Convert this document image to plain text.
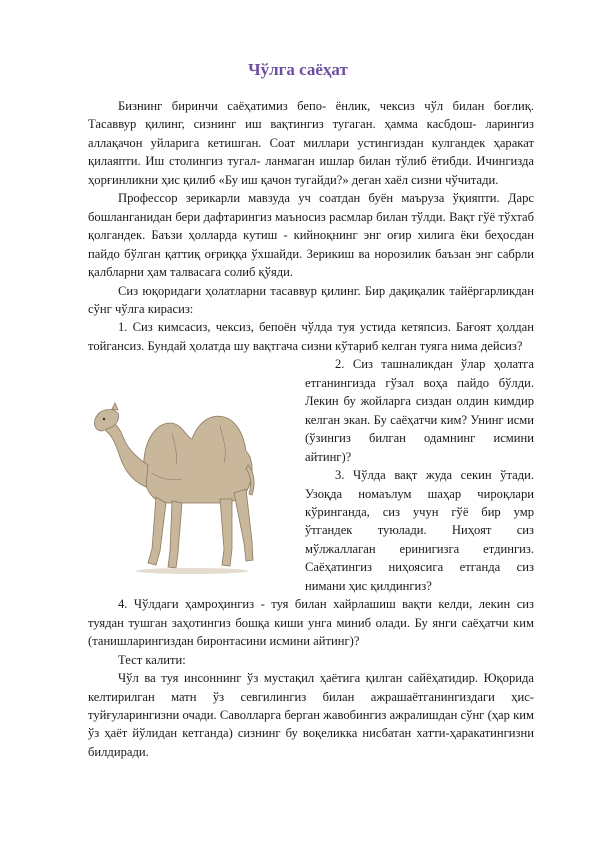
Чўлга саёҳат

Бизнинг биринчи саёҳатимиз бепо- ёнлик, чексиз чўл билан боғлиқ. Тасаввур қилинг, сизнинг иш вақтингиз тугаган. ҳамма касбдош- ларингиз аллақачон уйларига кетишган. Соат миллари устингиздан кулгандек ҳаракат қилаяпти. Иш столингиз тугал- ланмаган ишлар билан тўлиб ётибди. Ичингизда ҳорғинликни ҳис қилиб «Бу иш қачон тугайди?» деган хаёл сизни чўчитади.

Профессор зерикарли мавзуда уч соатдан буён маъруза ўқияпти. Дарс бошланганидан бери дафтарингиз маъносиз расмлар билан тўлди. Вақт гўё тўхтаб қолгандек. Баъзи ҳолларда кутиш - кийноқнинг энг оғир хилига ёки беҳосдан пайдо бўлган қаттиқ оғриққа ўхшайди. Зерикиш ва норозилик баъзан энг сабрли қалбларни ҳам талвасага солиб қўяди.

Сиз юқоридаги ҳолатларни тасаввур қилинг. Бир дақиқалик тайёргарликдан сўнг чўлга кирасиз:

1. Сиз кимсасиз, чексиз, бепоён чўлда туя устида кетяпсиз. Бағоят ҳолдан тойгансиз. Бундай ҳолатда шу вақтгача сизни кўтариб келган туяга нима дейсиз?

2. Сиз ташналикдан ўлар ҳолатга етганингизда гўзал воҳа пайдо бўлди. Лекин бу жойларга сиздан олдин кимдир келган экан. Бу саёҳатчи ким? Унинг исми (ўзингиз билган одамнинг исмини айтинг)?

3. Чўлда вақт жуда секин ўтади. Узоқда номаълум шаҳар чироқлари кўринганда, сиз учун гўё бир умр ўтгандек туюлади. Ниҳоят сиз мўлжаллаган еринигизга етдингиз. Саёҳатингиз ниҳоясига етганда сиз нимани ҳис қилдингиз?

4. Чўлдаги ҳамроҳингиз - туя билан хайрлашиш вақти келди, лекин сиз туядан тушган заҳотингиз бошқа киши унга миниб олади. Бу янги саёҳатчи ким (танишларингиздан биронтасини исмини айтинг)?

Тест калити:

Чўл ва туя инсоннинг ўз мустақил ҳаётига қилган сайёҳатидир. Юқорида келтирилган матн ўз севгилингиз билан ажрашаётганингиздаги ҳис- туйғуларингизни очади. Саволларга берган жавобингиз ажралишдан сўнг (ҳар ким ўз ҳаёт йўлидан кетганда) сизнинг бу воқеликка нисбатан хатти-ҳаракатингизни билдиради.
